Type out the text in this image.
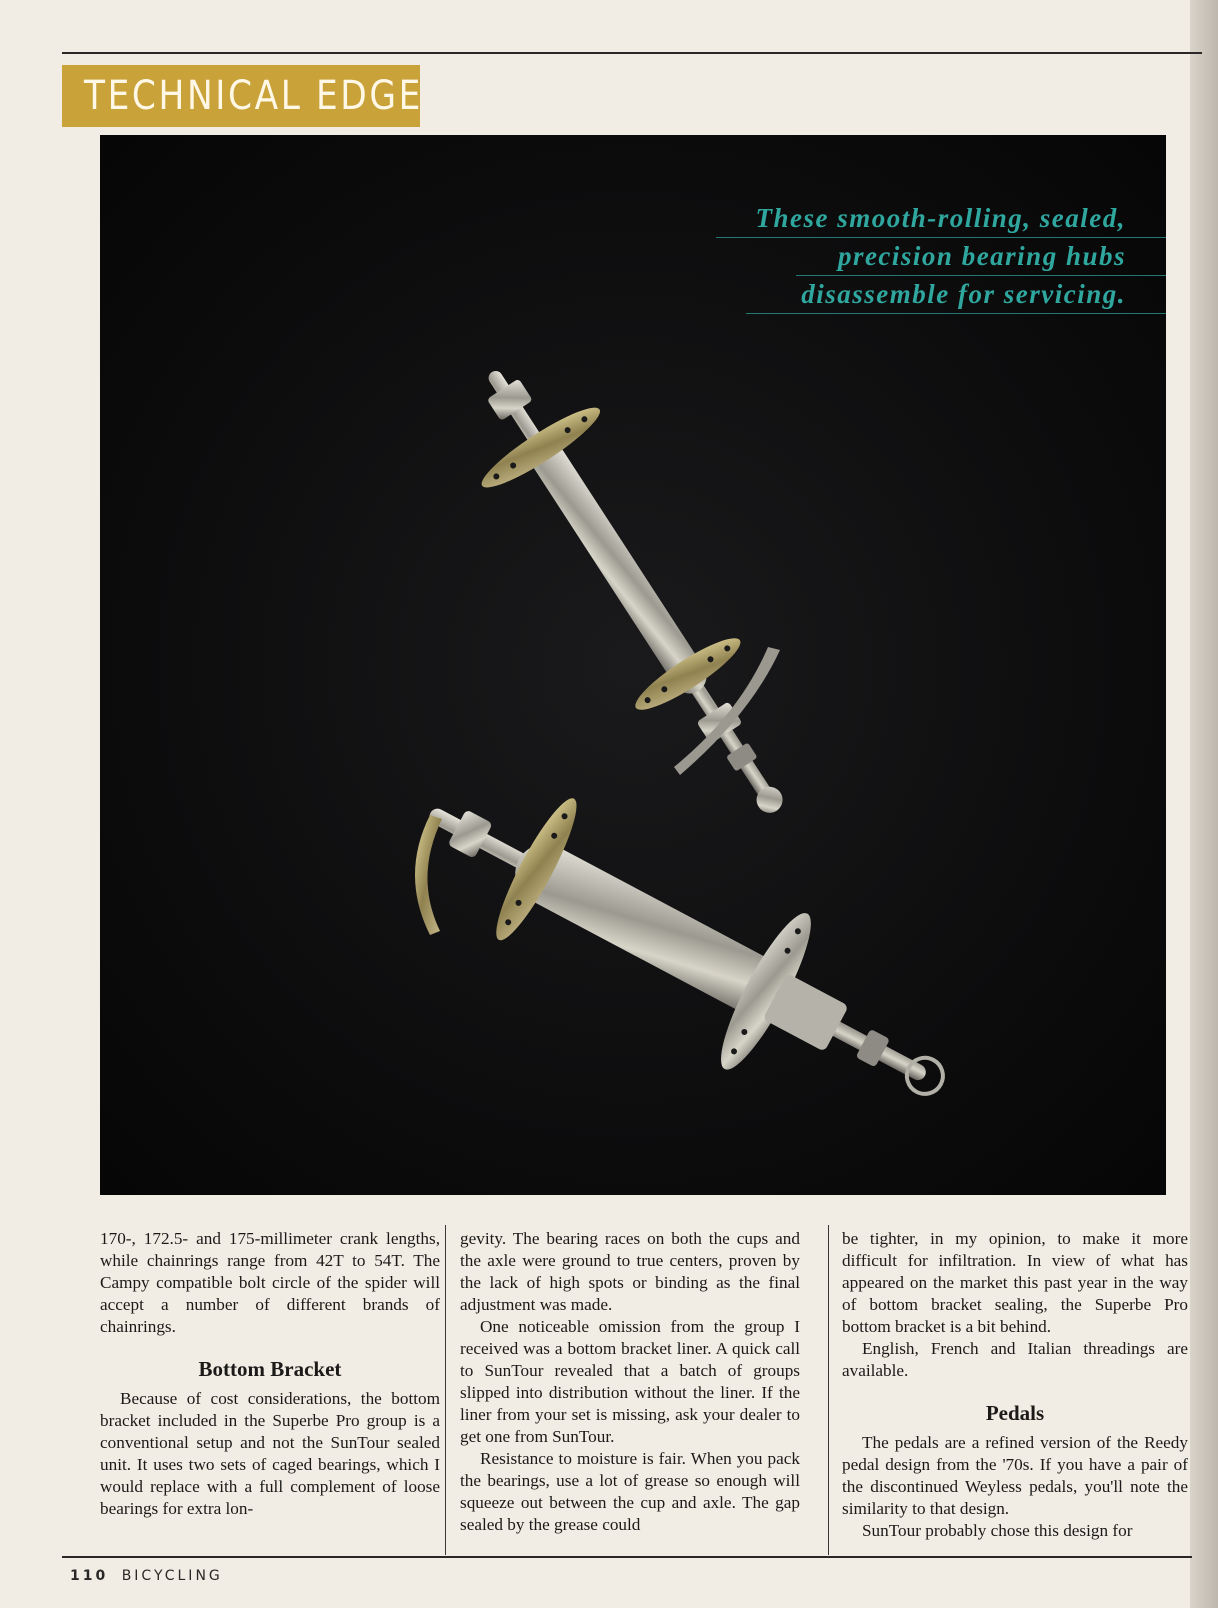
TECHNICAL EDGE
These smooth-rolling, sealed,
precision bearing hubs
disassemble for servicing.

170-, 172.5- and 175-millimeter crank lengths, while chainrings range from 42T to 54T. The Campy compatible bolt circle of the spider will accept a number of different brands of chainrings.

Bottom Bracket

Because of cost considerations, the bottom bracket included in the Superbe Pro group is a conventional setup and not the SunTour sealed unit. It uses two sets of caged bearings, which I would replace with a full complement of loose bearings for extra lon-

gevity. The bearing races on both the cups and the axle were ground to true centers, proven by the lack of high spots or binding as the final adjustment was made.

One noticeable omission from the group I received was a bottom bracket liner. A quick call to SunTour revealed that a batch of groups slipped into distribution without the liner. If the liner from your set is missing, ask your dealer to get one from SunTour.

Resistance to moisture is fair. When you pack the bearings, use a lot of grease so enough will squeeze out between the cup and axle. The gap sealed by the grease could

be tighter, in my opinion, to make it more difficult for infiltration. In view of what has appeared on the market this past year in the way of bottom bracket sealing, the Superbe Pro bottom bracket is a bit behind.

English, French and Italian threadings are available.

Pedals

The pedals are a refined version of the Reedy pedal design from the '70s. If you have a pair of the discontinued Weyless pedals, you'll note the similarity to that design.

SunTour probably chose this design for

110 BICYCLING
